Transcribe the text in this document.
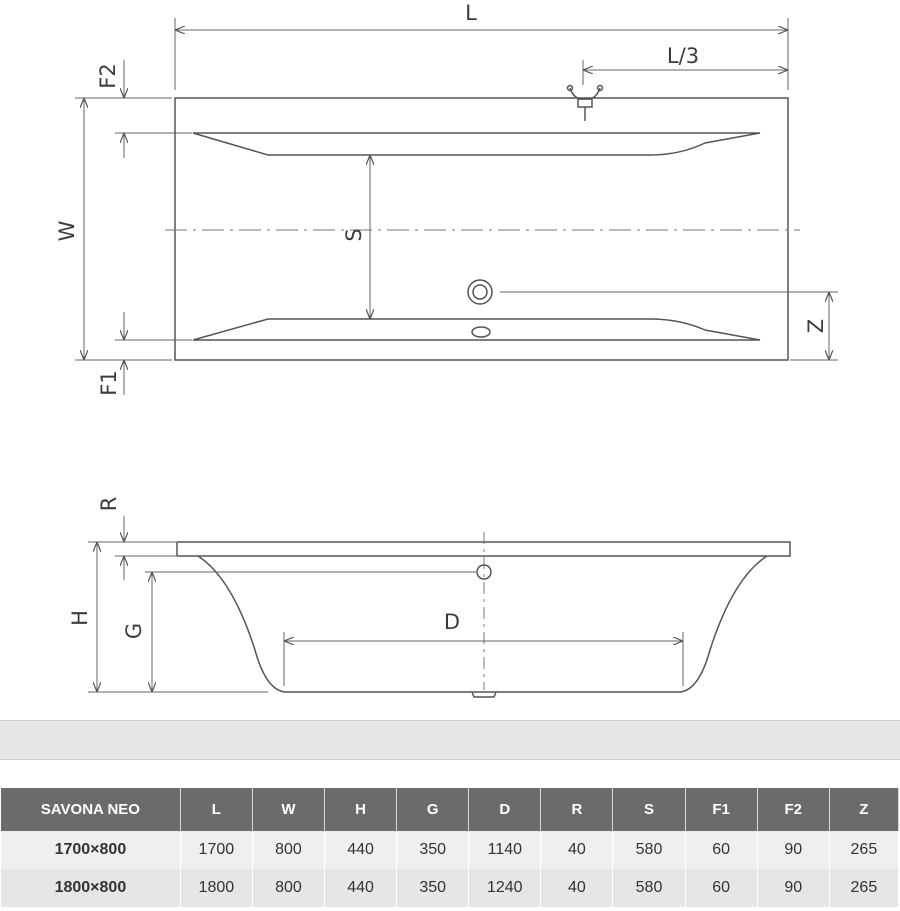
L
L/3
F2
W	S
Z
F1
R
H
G	D
SAVONA NEO	L	W	H	G	D	R	S	F1	F2	Z
1700×800	1700	800	440	350	1140	40	580	60	90	265
1800×800	1800	800	440	350	1240	40	580	60	90	265
